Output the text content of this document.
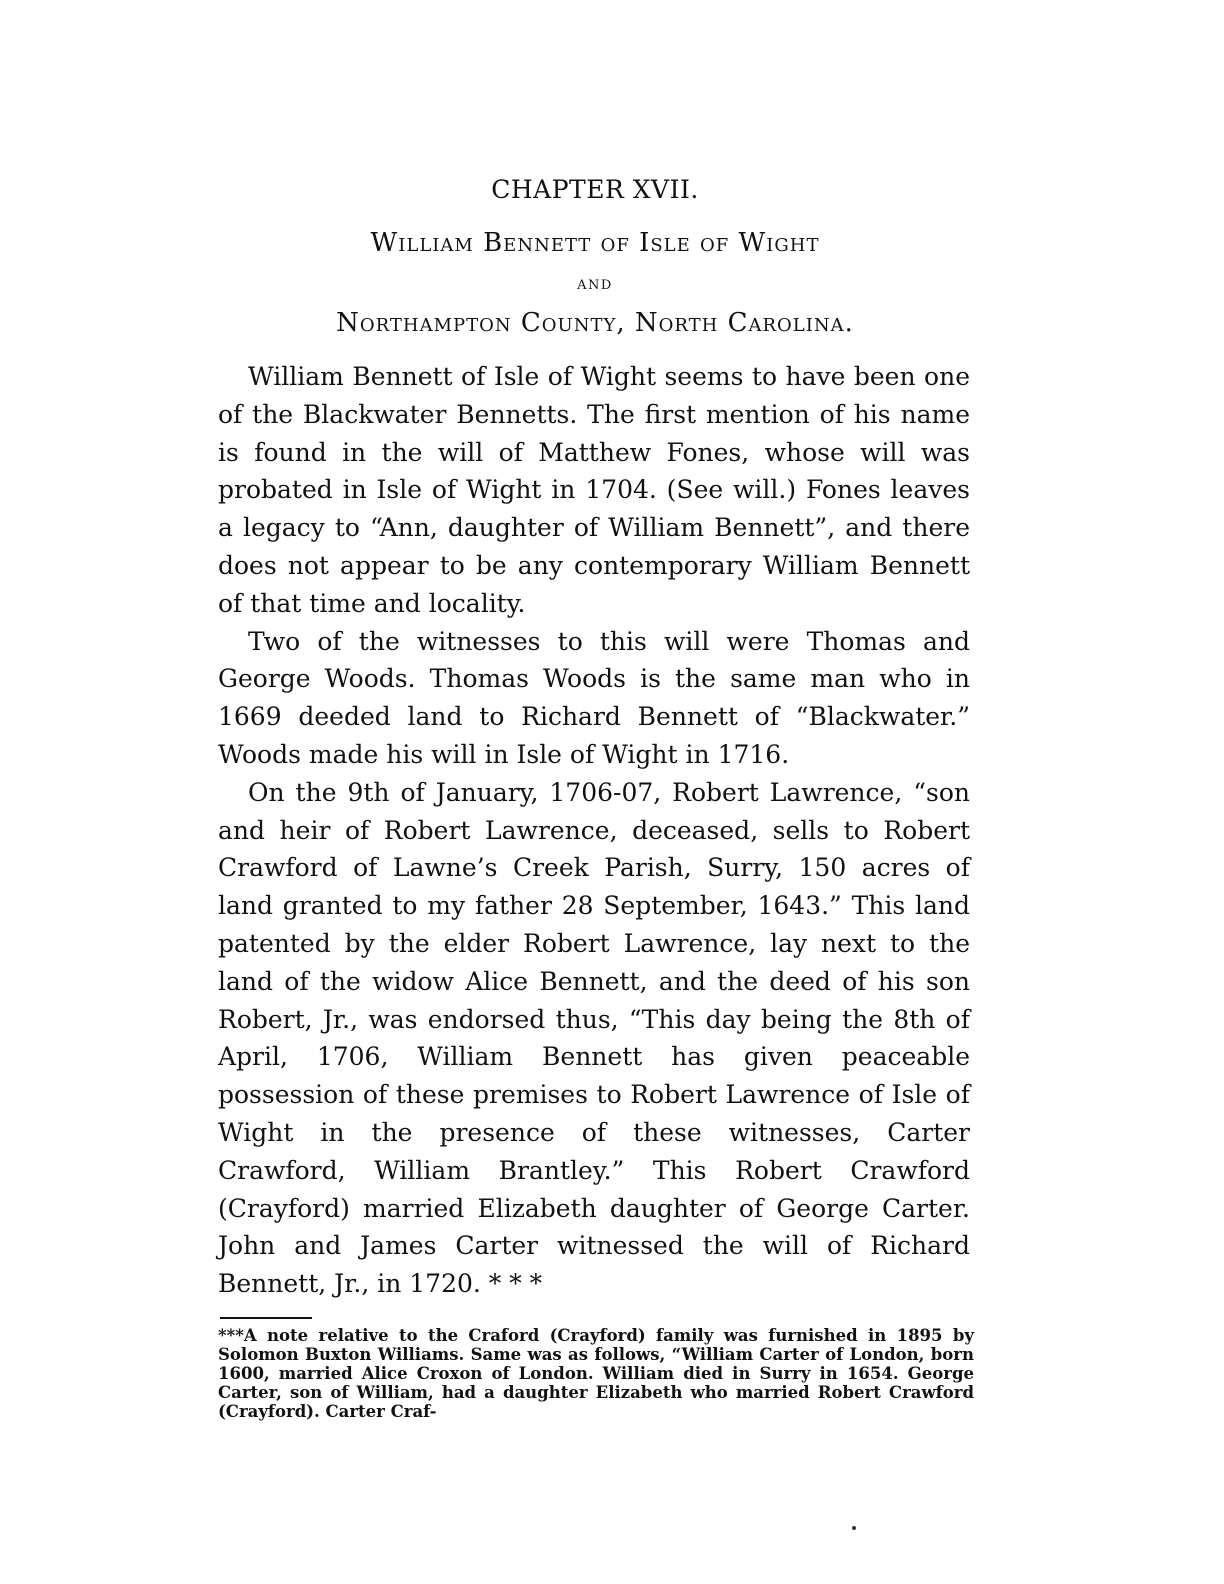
CHAPTER XVII.
William Bennett of Isle of Wight
and
Northampton County, North Carolina.

William Bennett of Isle of Wight seems to have been one of the Blackwater Bennetts. The first mention of his name is found in the will of Matthew Fones, whose will was probated in Isle of Wight in 1704. (See will.) Fones leaves a legacy to “Ann, daughter of William Bennett”, and there does not appear to be any contemporary William Bennett of that time and locality.

Two of the witnesses to this will were Thomas and George Woods. Thomas Woods is the same man who in 1669 deeded land to Richard Bennett of “Blackwater.” Woods made his will in Isle of Wight in 1716.

On the 9th of January, 1706-07, Robert Lawrence, “son and heir of Robert Lawrence, deceased, sells to Robert Crawford of Lawne’s Creek Parish, Surry, 150 acres of land granted to my father 28 September, 1643.” This land patented by the elder Robert Lawrence, lay next to the land of the widow Alice Bennett, and the deed of his son Robert, Jr., was endorsed thus, “This day being the 8th of April, 1706, William Bennett has given peaceable possession of these premises to Robert Lawrence of Isle of Wight in the presence of these witnesses, Carter Crawford, William Brantley.” This Robert Crawford (Crayford) married Elizabeth daughter of George Carter. John and James Carter witnessed the will of Richard Bennett, Jr., in 1720. * * *

***A note relative to the Craford (Crayford) family was furnished in 1895 by Solomon Buxton Williams. Same was as follows, “William Carter of London, born 1600, married Alice Croxon of London. William died in Surry in 1654. George Carter, son of William, had a daughter Elizabeth who married Robert Crawford (Crayford). Carter Craf-
